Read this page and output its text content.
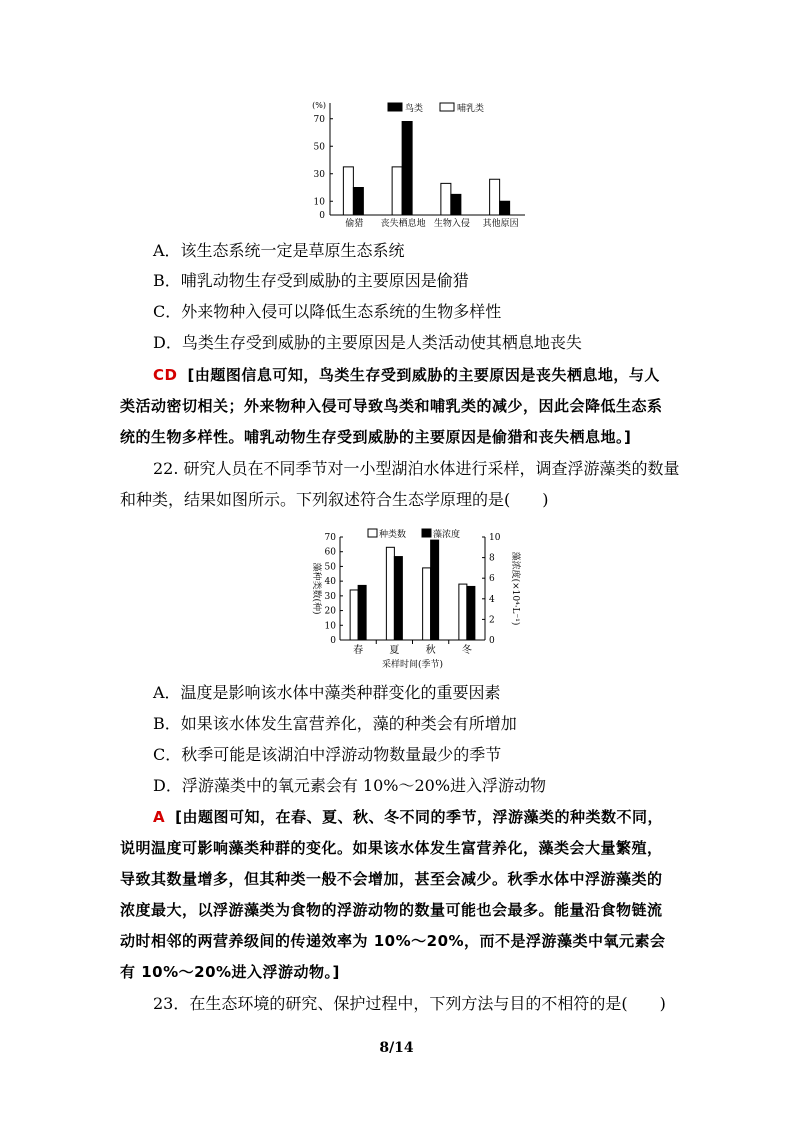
(%)
0
10
30
50
70
偷猎 丧失栖息地 生物入侵 其他原因
鸟类	哺乳类
0
10
20
30
40
50
60
70
0
2
4
6
8
10
春	夏	秋	冬
采样时间(季节)
藻种类数(种)	藻浓度(×10⁴·L⁻¹)
种类数	藻浓度
A．该生态系统一定是草原生态系统
B．哺乳动物生存受到威胁的主要原因是偷猎
C．外来物种入侵可以降低生态系统的生物多样性
D．鸟类生存受到威胁的主要原因是人类活动使其栖息地丧失
CD [由题图信息可知，鸟类生存受到威胁的主要原因是丧失栖息地，与人
类活动密切相关；外来物种入侵可导致鸟类和哺乳类的减少，因此会降低生态系
统的生物多样性。哺乳动物生存受到威胁的主要原因是偷猎和丧失栖息地。]
22. 研究人员在不同季节对一小型湖泊水体进行采样，调查浮游藻类的数量
和种类，结果如图所示。下列叙述符合生态学原理的是(　　)
A．温度是影响该水体中藻类种群变化的重要因素
B．如果该水体发生富营养化，藻的种类会有所增加
C．秋季可能是该湖泊中浮游动物数量最少的季节
D．浮游藻类中的氧元素会有 10%～20%进入浮游动物
A [由题图可知，在春、夏、秋、冬不同的季节，浮游藻类的种类数不同，
说明温度可影响藻类种群的变化。如果该水体发生富营养化，藻类会大量繁殖，
导致其数量增多，但其种类一般不会增加，甚至会减少。秋季水体中浮游藻类的
浓度最大，以浮游藻类为食物的浮游动物的数量可能也会最多。能量沿食物链流
动时相邻的两营养级间的传递效率为 10%～20%，而不是浮游藻类中氧元素会
有 10%～20%进入浮游动物。]
23．在生态环境的研究、保护过程中，下列方法与目的不相符的是(　　)
8/14
